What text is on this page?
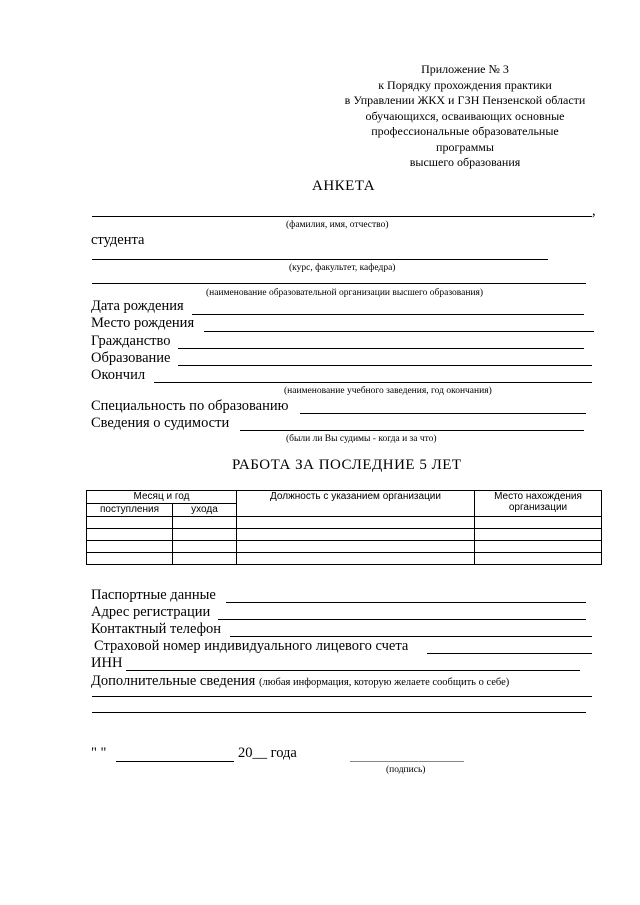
Приложение № 3
к Порядку прохождения практики
в Управлении ЖКХ и ГЗН Пензенской области
обучающихся, осваивающих основные
профессиональные образовательные
программы
высшего образования
АНКЕТА
,
(фамилия, имя, отчество)
студента
(курс, факультет, кафедра)
(наименование образовательной организации высшего образования)
Дата рождения
Место рождения
Гражданство
Образование
Окончил
(наименование учебного заведения, год окончания)
Специальность по образованию
Сведения о судимости
(были ли Вы судимы - когда и за что)
РАБОТА ЗА ПОСЛЕДНИЕ 5 ЛЕТ
Месяц и год		Должность с указанием организации	Место нахождения организации
поступления	ухода		

Паспортные данные
Адрес регистрации
Контактный телефон
Страховой номер индивидуального лицевого счета
ИНН
Дополнительные сведения (любая информация, которую желаете сообщить о себе)
" "	20__ года
(подпись)
